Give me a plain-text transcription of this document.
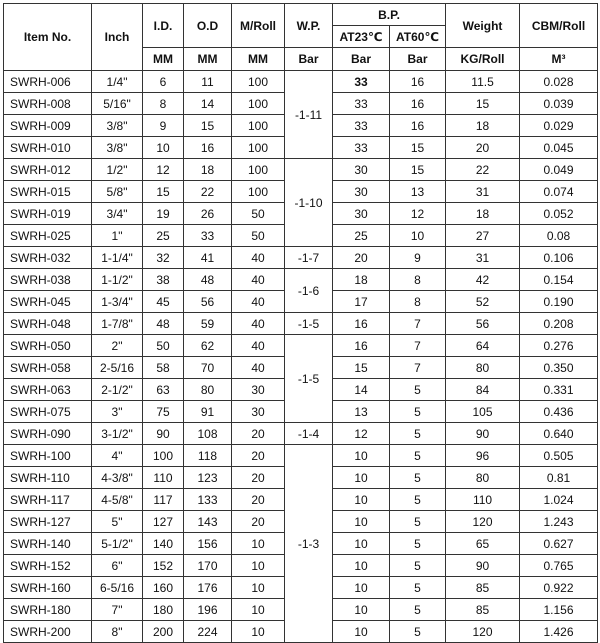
Item No.	Inch	I.D.	O.D	M/Roll	W.P.	B.P.		Weight	CBM/Roll
						AT23℃	AT60℃		
		MM	MM	MM	Bar	Bar	Bar	KG/Roll	M³
SWRH-006	1/4"	6	11	100	-1-11	33	16	11.5	0.028
SWRH-008	5/16"	8	14	100		33	16	15	0.039
SWRH-009	3/8"	9	15	100		33	16	18	0.029
SWRH-010	3/8"	10	16	100		33	15	20	0.045
SWRH-012	1/2"	12	18	100	-1-10	30	15	22	0.049
SWRH-015	5/8"	15	22	100		30	13	31	0.074
SWRH-019	3/4"	19	26	50		30	12	18	0.052
SWRH-025	1"	25	33	50		25	10	27	0.08
SWRH-032	1-1/4"	32	41	40	-1-7	20	9	31	0.106
SWRH-038	1-1/2"	38	48	40	-1-6	18	8	42	0.154
SWRH-045	1-3/4"	45	56	40		17	8	52	0.190
SWRH-048	1-7/8"	48	59	40	-1-5	16	7	56	0.208
SWRH-050	2"	50	62	40	-1-5	16	7	64	0.276
SWRH-058	2-5/16	58	70	40		15	7	80	0.350
SWRH-063	2-1/2"	63	80	30		14	5	84	0.331
SWRH-075	3"	75	91	30		13	5	105	0.436
SWRH-090	3-1/2"	90	108	20	-1-4	12	5	90	0.640
SWRH-100	4"	100	118	20	-1-3	10	5	96	0.505
SWRH-110	4-3/8"	110	123	20		10	5	80	0.81
SWRH-117	4-5/8"	117	133	20		10	5	110	1.024
SWRH-127	5"	127	143	20		10	5	120	1.243
SWRH-140	5-1/2"	140	156	10		10	5	65	0.627
SWRH-152	6"	152	170	10		10	5	90	0.765
SWRH-160	6-5/16	160	176	10		10	5	85	0.922
SWRH-180	7"	180	196	10		10	5	85	1.156
SWRH-200	8"	200	224	10		10	5	120	1.426
